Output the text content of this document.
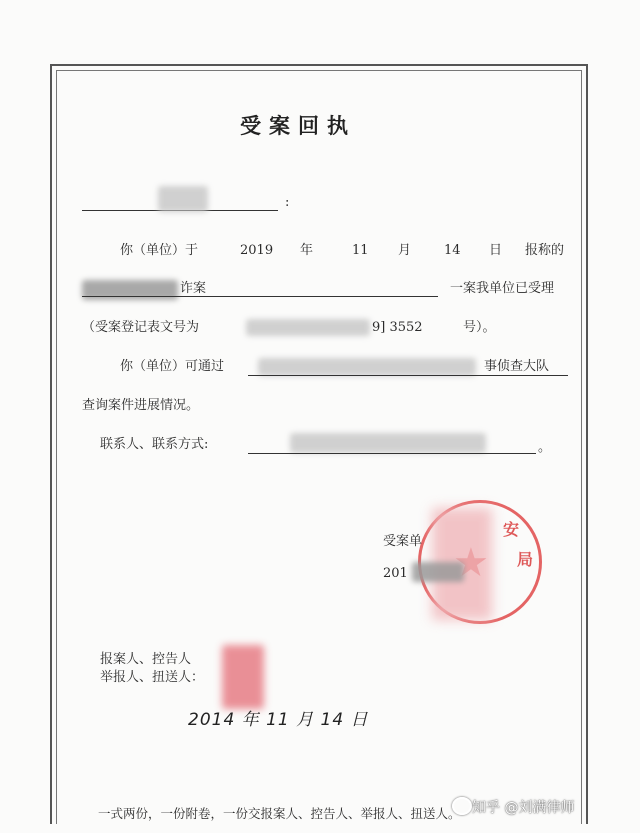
受案回执
:
你（单位）于	2019 年	11 月	14 日 报称的
诈案	一案我单位已受理
（受案登记表文号为	9] 3552	号）。
你（单位）可通过	事侦查大队
查询案件进展情况。
联系人、联系方式:	。
安
局
受案单
201
报案人、控告人
举报人、扭送人：
2014 年 11 月 14 日
一式两份，一份附卷，一份交报案人、控告人、举报人、扭送人。 知乎 @刘满律师
